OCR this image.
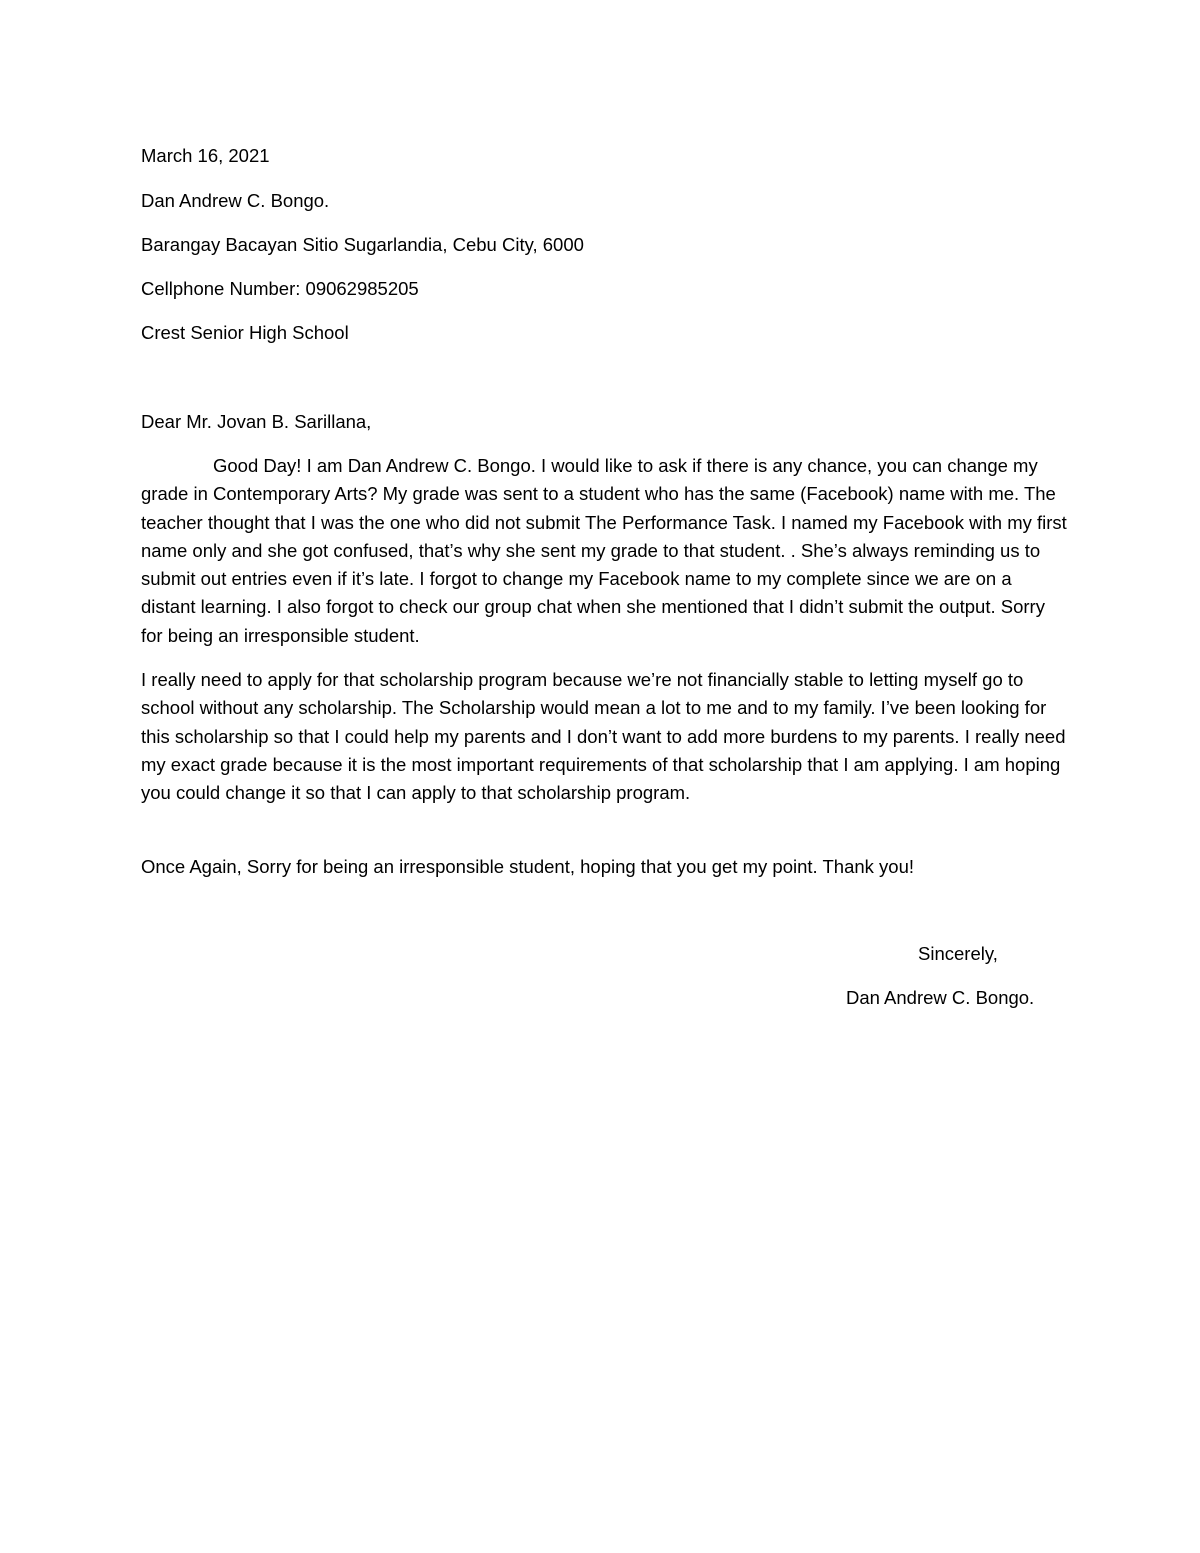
March 16, 2021
Dan Andrew C. Bongo.
Barangay Bacayan Sitio Sugarlandia, Cebu City, 6000
Cellphone Number: 09062985205
Crest Senior High School
Dear Mr. Jovan B. Sarillana,
Good Day! I am Dan Andrew C. Bongo. I would like to ask if there is any chance, you can change my grade in Contemporary Arts? My grade was sent to a student who has the same (Facebook) name with me. The teacher thought that I was the one who did not submit The Performance Task. I named my Facebook with my first name only and she got confused, that’s why she sent my grade to that student. . She’s always reminding us to submit out entries even if it’s late. I forgot to change my Facebook name to my complete since we are on a distant learning. I also forgot to check our group chat when she mentioned that I didn’t submit the output. Sorry for being an irresponsible student.
I really need to apply for that scholarship program because we’re not financially stable to letting myself go to school without any scholarship. The Scholarship would mean a lot to me and to my family. I’ve been looking for this scholarship so that I could help my parents and I don’t want to add more burdens to my parents. I really need my exact grade because it is the most important requirements of that scholarship that I am applying. I am hoping you could change it so that I can apply to that scholarship program.
Once Again, Sorry for being an irresponsible student, hoping that you get my point. Thank you!
Sincerely,
Dan Andrew C. Bongo.
